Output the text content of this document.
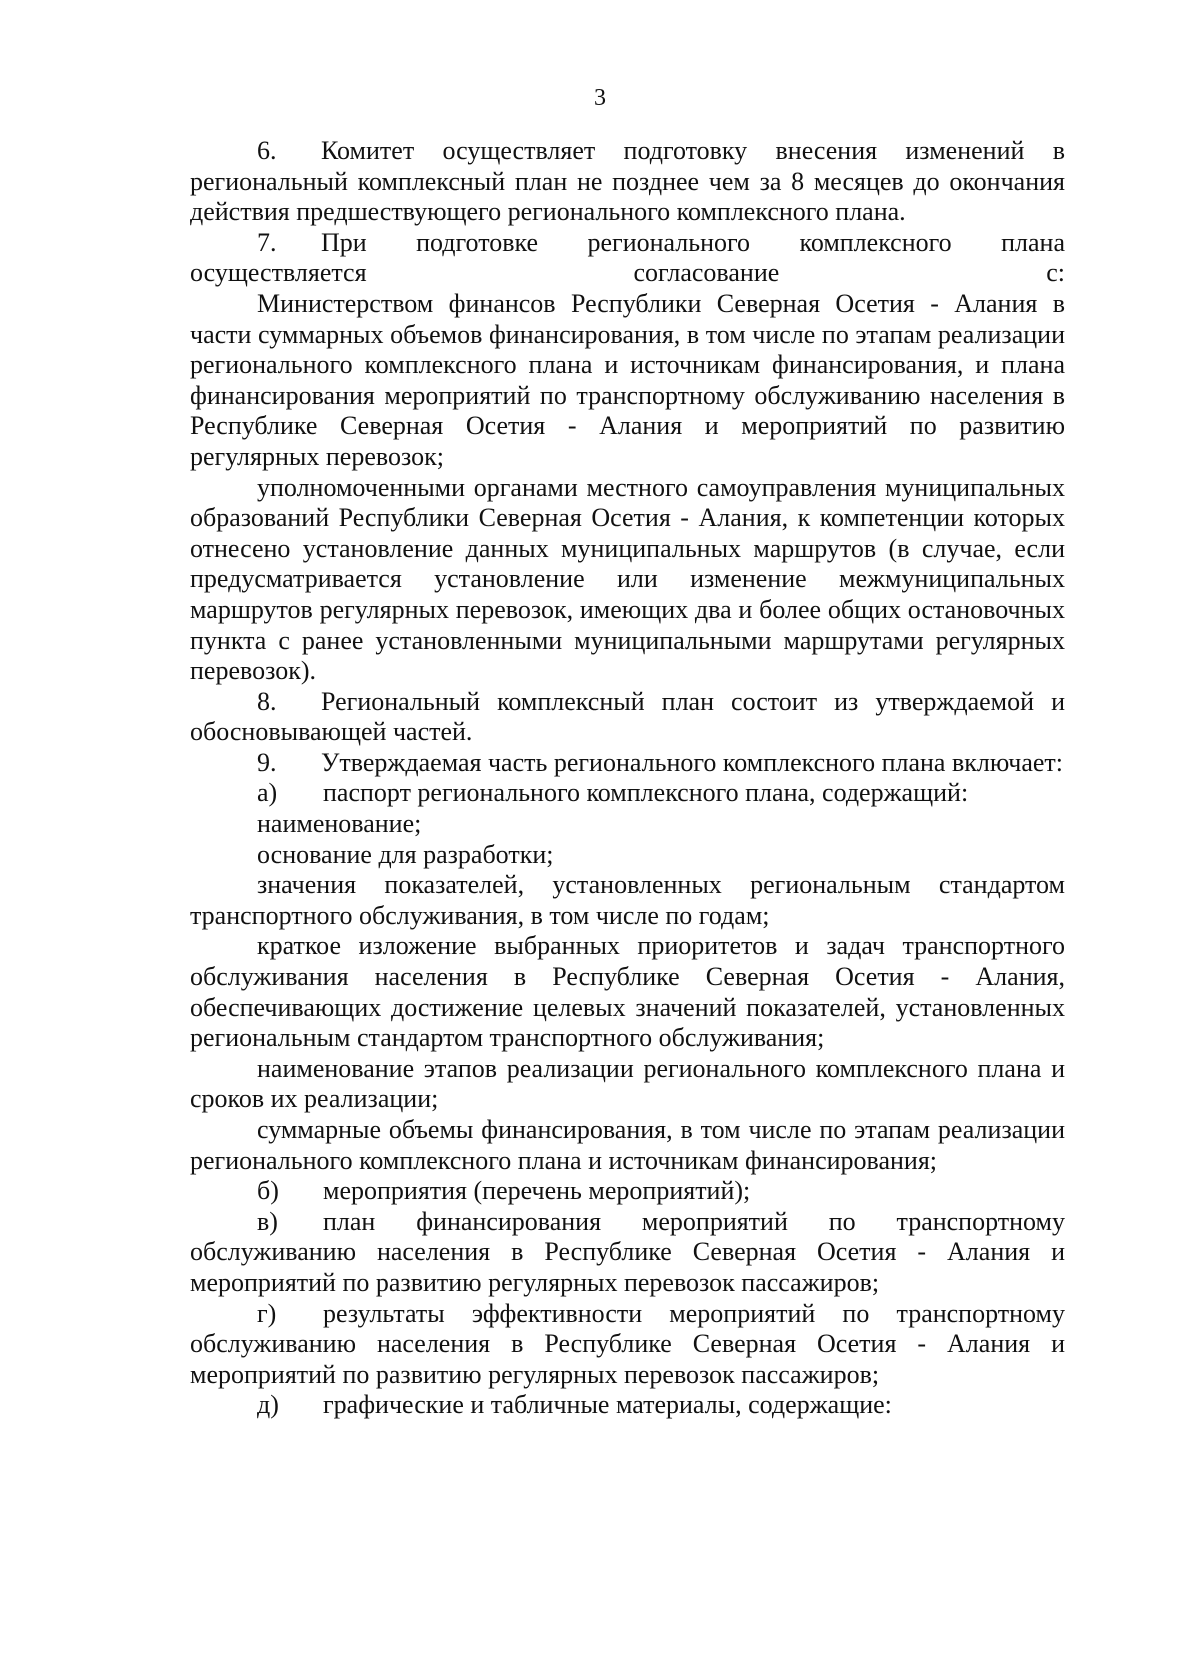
3

6. Комитет осуществляет подготовку внесения изменений в региональный комплексный план не позднее чем за 8 месяцев до окончания действия предшествующего регионального комплексного плана.

7. При подготовке регионального комплексного плана осуществляется согласование с:

Министерством финансов Республики Северная Осетия - Алания в части суммарных объемов финансирования, в том числе по этапам реализации регионального комплексного плана и источникам финансирования, и плана финансирования мероприятий по транспортному обслуживанию населения в Республике Северная Осетия - Алания и мероприятий по развитию регулярных перевозок;

уполномоченными органами местного самоуправления муниципальных образований Республики Северная Осетия - Алания, к компетенции которых отнесено установление данных муниципальных маршрутов (в случае, если предусматривается установление или изменение межмуниципальных маршрутов регулярных перевозок, имеющих два и более общих остановочных пункта с ранее установленными муниципальными маршрутами регулярных перевозок).

8. Региональный комплексный план состоит из утверждаемой и обосновывающей частей.

9. Утверждаемая часть регионального комплексного плана включает:

а) паспорт регионального комплексного плана, содержащий:

наименование;

основание для разработки;

значения показателей, установленных региональным стандартом транспортного обслуживания, в том числе по годам;

краткое изложение выбранных приоритетов и задач транспортного обслуживания населения в Республике Северная Осетия - Алания, обеспечивающих достижение целевых значений показателей, установленных региональным стандартом транспортного обслуживания;

наименование этапов реализации регионального комплексного плана и сроков их реализации;

суммарные объемы финансирования, в том числе по этапам реализации регионального комплексного плана и источникам финансирования;

б) мероприятия (перечень мероприятий);

в) план финансирования мероприятий по транспортному обслуживанию населения в Республике Северная Осетия - Алания и мероприятий по развитию регулярных перевозок пассажиров;

г) результаты эффективности мероприятий по транспортному обслуживанию населения в Республике Северная Осетия - Алания и мероприятий по развитию регулярных перевозок пассажиров;

д) графические и табличные материалы, содержащие:
